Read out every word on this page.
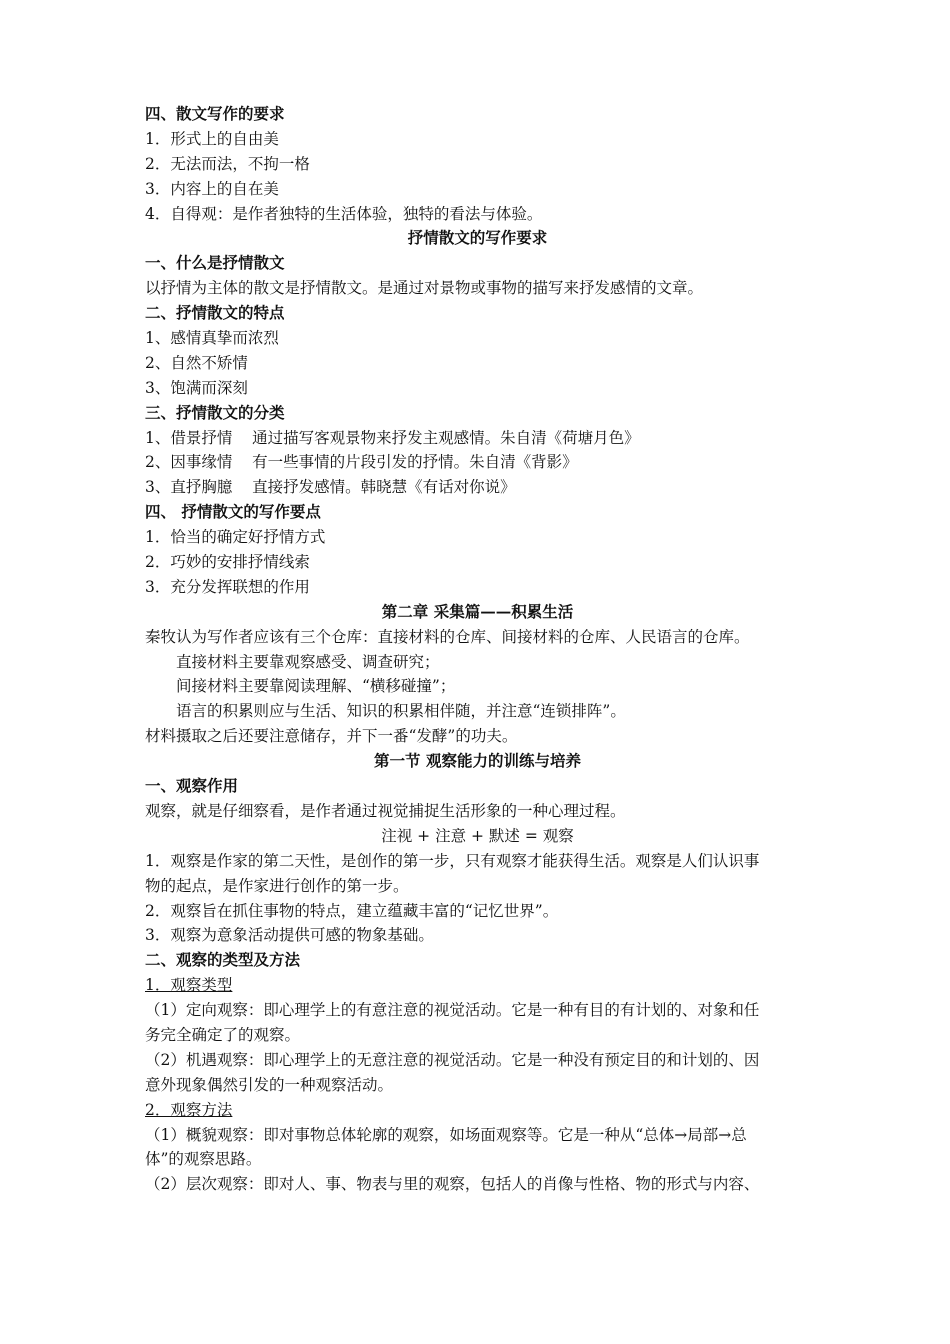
四、散文写作的要求
1．形式上的自由美
2．无法而法，不拘一格
3．内容上的自在美
4．自得观：是作者独特的生活体验，独特的看法与体验。
抒情散文的写作要求
一、什么是抒情散文
以抒情为主体的散文是抒情散文。是通过对景物或事物的描写来抒发感情的文章。
二、抒情散文的特点
1、感情真挚而浓烈
2、自然不矫情
3、饱满而深刻
三、抒情散文的分类
1、借景抒情 通过描写客观景物来抒发主观感情。朱自清《荷塘月色》
2、因事缘情 有一些事情的片段引发的抒情。朱自清《背影》
3、直抒胸臆 直接抒发感情。韩晓慧《有话对你说》
四、 抒情散文的写作要点
1．恰当的确定好抒情方式
2．巧妙的安排抒情线索
3．充分发挥联想的作用
第二章 采集篇——积累生活
秦牧认为写作者应该有三个仓库：直接材料的仓库、间接材料的仓库、人民语言的仓库。
直接材料主要靠观察感受、调查研究；
间接材料主要靠阅读理解、“横移碰撞”；
语言的积累则应与生活、知识的积累相伴随，并注意“连锁排阵”。
材料摄取之后还要注意储存，并下一番“发酵”的功夫。
第一节 观察能力的训练与培养
一、观察作用
观察，就是仔细察看，是作者通过视觉捕捉生活形象的一种心理过程。
注视 + 注意 + 默述 = 观察
1．观察是作家的第二天性，是创作的第一步，只有观察才能获得生活。观察是人们认识事
物的起点，是作家进行创作的第一步。
2．观察旨在抓住事物的特点，建立蕴藏丰富的“记忆世界”。
3．观察为意象活动提供可感的物象基础。
二、观察的类型及方法
1．观察类型
（1）定向观察：即心理学上的有意注意的视觉活动。它是一种有目的有计划的、对象和任
务完全确定了的观察。
（2）机遇观察：即心理学上的无意注意的视觉活动。它是一种没有预定目的和计划的、因
意外现象偶然引发的一种观察活动。
2．观察方法
（1）概貌观察：即对事物总体轮廓的观察，如场面观察等。它是一种从“总体→局部→总
体”的观察思路。
（2）层次观察：即对人、事、物表与里的观察，包括人的肖像与性格、物的形式与内容、
